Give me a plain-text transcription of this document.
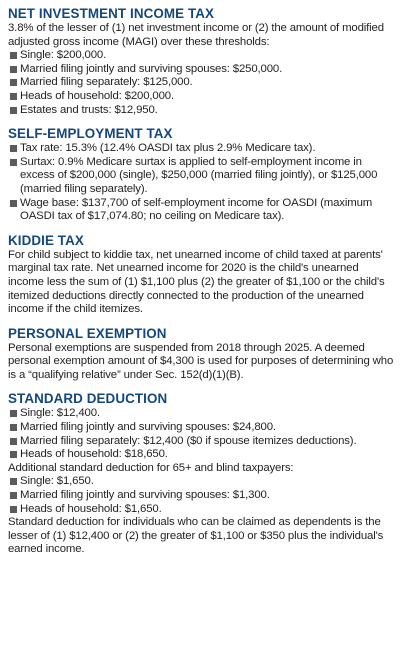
NET INVESTMENT INCOME TAX

3.8% of the lesser of (1) net investment income or (2) the amount of modified adjusted gross income (MAGI) over these thresholds:

Single: $200,000.
Married filing jointly and surviving spouses: $250,000.
Married filing separately: $125,000.
Heads of household: $200,000.
Estates and trusts: $12,950.
SELF-EMPLOYMENT TAX
Tax rate: 15.3% (12.4% OASDI tax plus 2.9% Medicare tax).
Surtax: 0.9% Medicare surtax is applied to self-employment income in excess of $200,000 (single), $250,000 (married filing jointly), or $125,000 (married filing separately).
Wage base: $137,700 of self-employment income for OASDI (maximum OASDI tax of $17,074.80; no ceiling on Medicare tax).
KIDDIE TAX

For child subject to kiddie tax, net unearned income of child taxed at parents' marginal tax rate. Net unearned income for 2020 is the child's unearned income less the sum of (1) $1,100 plus (2) the greater of $1,100 or the child's itemized deductions directly connected to the production of the unearned income if the child itemizes.

PERSONAL EXEMPTION

Personal exemptions are suspended from 2018 through 2025. A deemed personal exemption amount of $4,300 is used for purposes of determining who is a “qualifying relative” under Sec. 152(d)(1)(B).

STANDARD DEDUCTION
Single: $12,400.
Married filing jointly and surviving spouses: $24,800.
Married filing separately: $12,400 ($0 if spouse itemizes deductions).
Heads of household: $18,650.

Additional standard deduction for 65+ and blind taxpayers:

Single: $1,650.
Married filing jointly and surviving spouses: $1,300.
Heads of household: $1,650.

Standard deduction for individuals who can be claimed as dependents is the lesser of (1) $12,400 or (2) the greater of $1,100 or $350 plus the individual's earned income.
